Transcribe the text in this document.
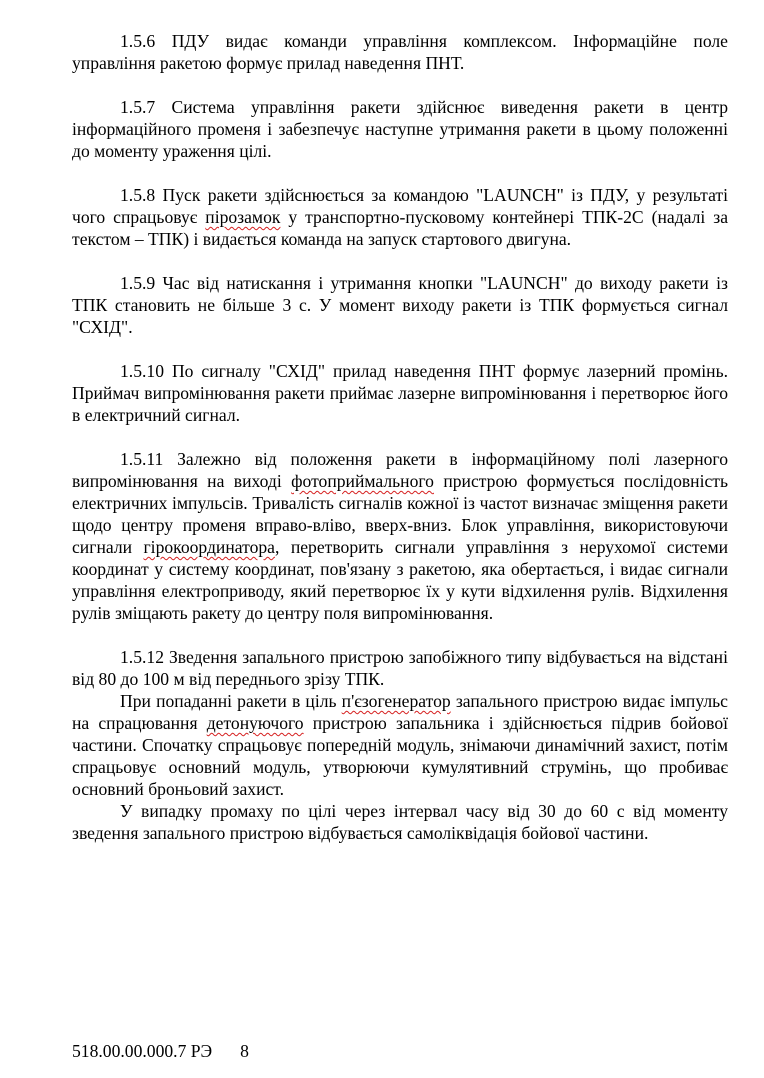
1.5.6 ПДУ видає команди управління комплексом. Інформаційне поле управління ракетою формує прилад наведення ПНТ.

1.5.7 Система управління ракети здійснює виведення ракети в центр інформаційного променя і забезпечує наступне утримання ракети в цьому положенні до моменту ураження цілі.

1.5.8 Пуск ракети здійснюється за командою "LAUNCH" із ПДУ, у результаті чого спрацьовує пірозамок у транспортно-пусковому контейнері ТПК-2С (надалі за текстом – ТПК) і видається команда на запуск стартового двигуна.

1.5.9 Час від натискання і утримання кнопки "LAUNCH" до виходу ракети із ТПК становить не більше 3 с. У момент виходу ракети із ТПК формується сигнал "СХІД".

1.5.10 По сигналу "СХІД" прилад наведення ПНТ формує лазерний промінь. Приймач випромінювання ракети приймає лазерне випромінювання і перетворює його в електричний сигнал.

1.5.11 Залежно від положення ракети в інформаційному полі лазерного випромінювання на виході фотоприймального пристрою формується послідовність електричних імпульсів. Тривалість сигналів кожної із частот визначає зміщення ракети щодо центру променя вправо-вліво, вверх-вниз. Блок управління, використовуючи сигнали гірокоординатора, перетворить сигнали управління з нерухомої системи координат у систему координат, пов'язану з ракетою, яка обертається, і видає сигнали управління електроприводу, який перетворює їх у кути відхилення рулів. Відхилення рулів зміщають ракету до центру поля випромінювання.

1.5.12 Зведення запального пристрою запобіжного типу відбувається на відстані від 80 до 100 м від переднього зрізу ТПК.

При попаданні ракети в ціль п'єзогенератор запального пристрою видає імпульс на спрацювання детонуючого пристрою запальника і здійснюється підрив бойової частини. Спочатку спрацьовує попередній модуль, знімаючи динамічний захист, потім спрацьовує основний модуль, утворюючи кумулятивний струмінь, що пробиває основний броньовий захист.

У випадку промаху по цілі через інтервал часу від 30 до 60 с від моменту зведення запального пристрою відбувається самоліквідація бойової частини.

518.00.00.000.7 РЭ 8
